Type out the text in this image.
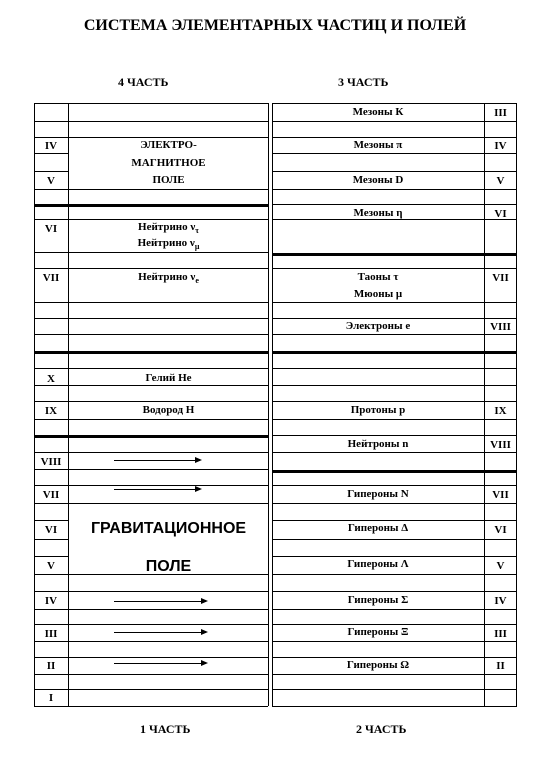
СИСТЕМА ЭЛЕМЕНТАРНЫХ ЧАСТИЦ И ПОЛЕЙ
4 ЧАСТЬ	3 ЧАСТЬ
1 ЧАСТЬ	2 ЧАСТЬ
IV
V
VI
VII
X
IX
VIII
VII
VI
V
IV
III
II
I
ЭЛЕКТРО-
МАГНИТНОЕ
ПОЛЕ
Нейтрино $\nu_\tau$
Нейтрино $\nu_\mu$
Нейтрино $\nu_e$
Гелий Не
Водород Н
ГРАВИТАЦИОННОЕ
ПОЛЕ
Мезоны К
Мезоны π
Мезоны D
Мезоны η
Таоны τ
Мюоны μ
Электроны е
Протоны р
Нейтроны n
Гипероны N
Гипероны Δ
Гипероны Λ
Гипероны Σ
Гипероны Ξ
Гипероны Ω
III
IV
V
VI
VII
VIII
IX
VIII
VII
VI
V
IV
III
II
